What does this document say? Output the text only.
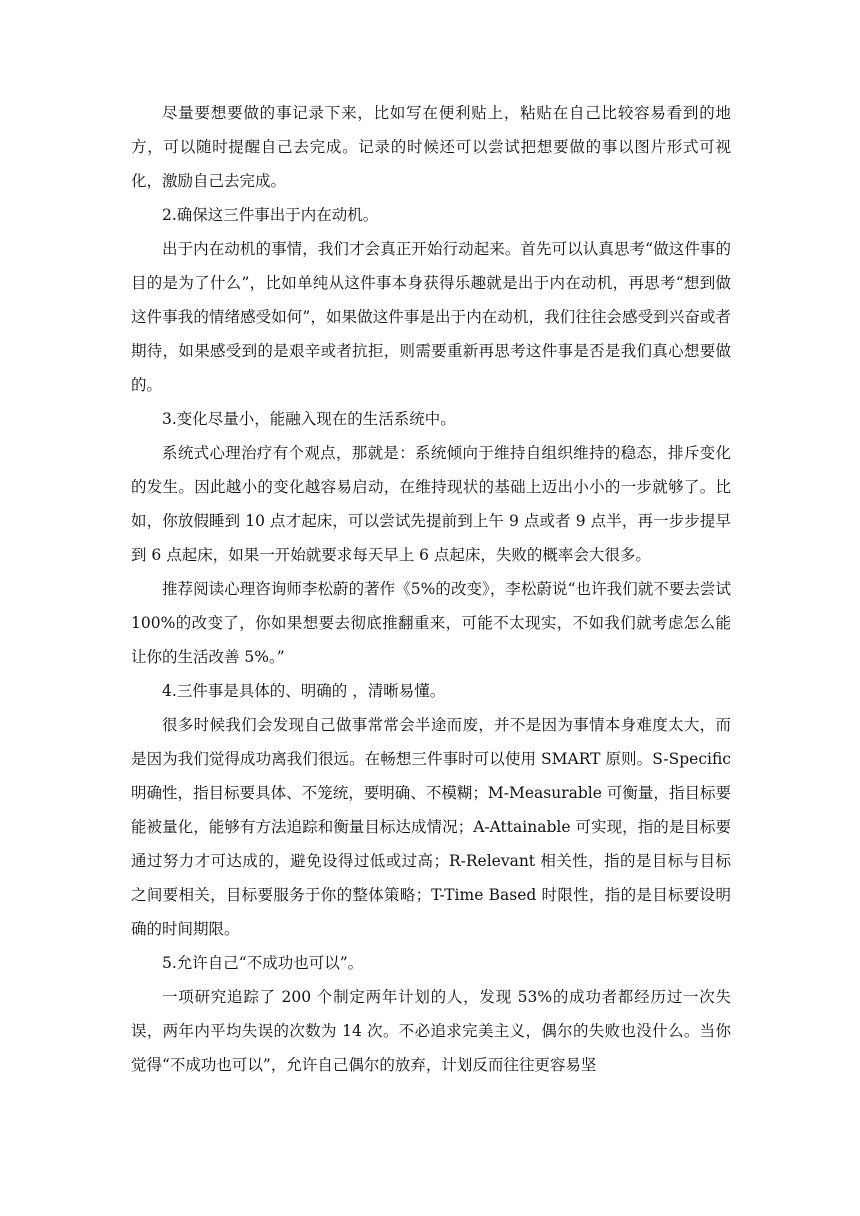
尽量要想要做的事记录下来，比如写在便利贴上，粘贴在自己比较容易看到的地方，可以随时提醒自己去完成。记录的时候还可以尝试把想要做的事以图片形式可视化，激励自己去完成。

2.确保这三件事出于内在动机。

出于内在动机的事情，我们才会真正开始行动起来。首先可以认真思考“做这件事的目的是为了什么”，比如单纯从这件事本身获得乐趣就是出于内在动机，再思考“想到做这件事我的情绪感受如何”，如果做这件事是出于内在动机，我们往往会感受到兴奋或者期待，如果感受到的是艰辛或者抗拒，则需要重新再思考这件事是否是我们真心想要做的。

3.变化尽量小，能融入现在的生活系统中。

系统式心理治疗有个观点，那就是：系统倾向于维持自组织维持的稳态，排斥变化的发生。因此越小的变化越容易启动，在维持现状的基础上迈出小小的一步就够了。比如，你放假睡到 10 点才起床，可以尝试先提前到上午 9 点或者 9 点半，再一步步提早到 6 点起床，如果一开始就要求每天早上 6 点起床，失败的概率会大很多。

推荐阅读心理咨询师李松蔚的著作《5%的改变》，李松蔚说“也许我们就不要去尝试 100%的改变了，你如果想要去彻底推翻重来，可能不太现实，不如我们就考虑怎么能让你的生活改善 5%。”

4.三件事是具体的、明确的 ，清晰易懂。

很多时候我们会发现自己做事常常会半途而废，并不是因为事情本身难度太大，而是因为我们觉得成功离我们很远。在畅想三件事时可以使用 SMART 原则。S-Specific 明确性，指目标要具体、不笼统，要明确、不模糊；M-Measurable 可衡量，指目标要能被量化，能够有方法追踪和衡量目标达成情况；A-Attainable 可实现，指的是目标要通过努力才可达成的，避免设得过低或过高；R-Relevant 相关性，指的是目标与目标之间要相关，目标要服务于你的整体策略；T-Time Based 时限性，指的是目标要设明确的时间期限。

5.允许自己“不成功也可以”。

一项研究追踪了 200 个制定两年计划的人，发现 53%的成功者都经历过一次失误，两年内平均失误的次数为 14 次。不必追求完美主义，偶尔的失败也没什么。当你觉得“不成功也可以”，允许自己偶尔的放弃，计划反而往往更容易坚
